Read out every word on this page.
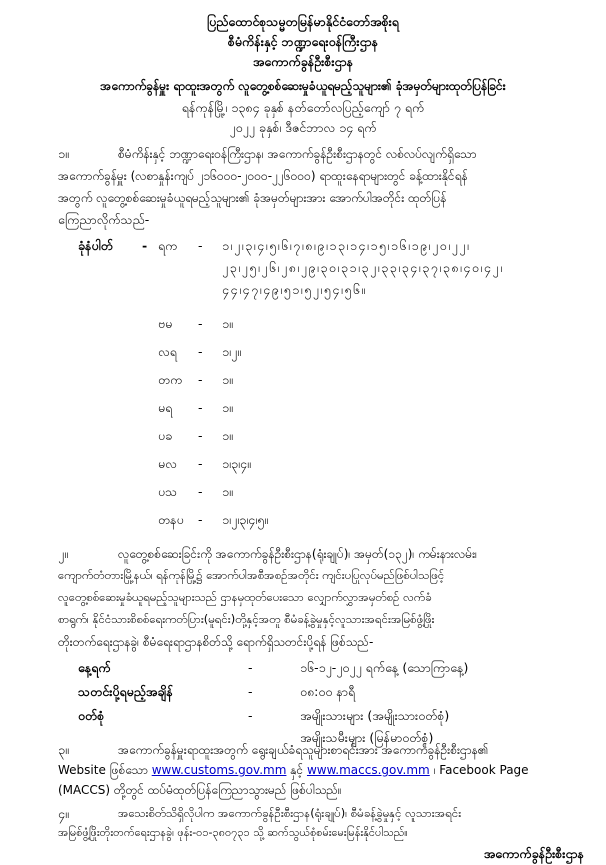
ပြည်ထောင်စုသမ္မတမြန်မာနိုင်ငံတော်အစိုးရ
စီမံကိန်းနှင့် ဘဏ္ဍာရေးဝန်ကြီးဌာန
အကောက်ခွန်ဦးစီးဌာန
အကောက်ခွန်မှူး ရာထူးအတွက် လူတွေ့စစ်ဆေးမှုခံယူရမည့်သူများ၏ ခုံအမှတ်များထုတ်ပြန်ခြင်း
ရန်ကုန်မြို့၊ ၁၃၈၄ ခုနှစ် နတ်တော်လပြည့်ကျော် ၇ ရက်
၂၀၂၂ ခုနှစ်၊ ဒီဇင်ဘာလ ၁၄ ရက်
၁။	စီမံကိန်းနှင့် ဘဏ္ဍာရေးဝန်ကြီးဌာန၊ အကောက်ခွန်ဦးစီးဌာနတွင် လစ်လပ်လျက်ရှိသော
အကောက်ခွန်မှူး (လစာနှုန်းကျပ် ၂၁၆၀၀၀-၂၀၀၀-၂၂၆၀၀၀) ရာထူးနေရာများတွင် ခန့်ထားနိုင်ရန်
အတွက် လူတွေ့စစ်ဆေးမှုခံယူရမည့်သူများ၏ ခုံအမှတ်များအား အောက်ပါအတိုင်း ထုတ်ပြန်
ကြေညာလိုက်သည်-
ခုံနံပါတ် - ရက - ၁၊၂၊၃၊၄၊၅၊၆၊၇၊၈၊၉၊၁၃၊၁၄၊၁၅၊၁၆၊၁၉၊၂၀၊၂၂၊
၂၃၊၂၅၊၂၆၊၂၈၊၂၉၊၃၀၊၃၁၊၃၂၊၃၃၊၃၄၊၃၇၊၃၈၊၄၀၊၄၂၊
၄၄၊၄၇၊၄၉၊၅၁၊၅၂၊၅၄၊၅၆။
ဗမ - ၁။
လရ - ၁၊၂။
တက - ၁။
မရ - ၁။
ပခ - ၁။
မလ - ၁၊၃၊၄။
ပသ - ၁။
တနပ - ၁၊၂၊၃၊၄၊၅။
၂။	လူတွေ့စစ်ဆေးခြင်းကို အကောက်ခွန်ဦးစီးဌာန(ရုံးချုပ်)၊ အမှတ်(၁၃၂)၊ ကမ်းနားလမ်း၊
ကျောက်တံတားမြို့နယ်၊ ရန်ကုန်မြို့၌ အောက်ပါအစီအစဉ်အတိုင်း ကျင်းပပြုလုပ်မည်ဖြစ်ပါသဖြင့်
လူတွေ့စစ်ဆေးမှုခံယူရမည့်သူများသည် ဌာနမှထုတ်ပေးသော လျှောက်လွှာအမှတ်စဉ် လက်ခံ
စာရွက်၊ နိုင်ငံသားစိစစ်ရေးကတ်ပြား(မူရင်း)တို့နှင့်အတူ စီမံခန့်ခွဲမှုနှင့်လူသားအရင်းအမြစ်ဖွံ့ဖြိုး
တိုးတက်ရေးဌာနခွဲ၊ စီမံရေးရာဌာနစိတ်သို့ ရောက်ရှိသတင်းပို့ရန် ဖြစ်သည်-
နေ့ရက်	-	၁၆-၁၂-၂၀၂၂ ရက်နေ့ (သောကြာနေ့)
သတင်းပို့ရမည့်အချိန်	-	၀၈:၀၀ နာရီ
ဝတ်စုံ	-	အမျိုးသားများ (အမျိုးသားဝတ်စုံ)
အမျိုးသမီးများ (မြန်မာဝတ်စုံ)
၃။	အကောက်ခွန်မှူးရာထူးအတွက် ရွေးချယ်ခံရသူများစာရင်းအား အကောက်ခွန်ဦးစီးဌာန၏
Website ဖြစ်သော www.customs.gov.mm နှင့် www.maccs.gov.mm ၊ Facebook Page
(MACCS) တို့တွင် ထပ်မံထုတ်ပြန်ကြေညာသွားမည် ဖြစ်ပါသည်။
၄။	အသေးစိတ်သိရှိလိုပါက အကောက်ခွန်ဦးစီးဌာန(ရုံးချုပ်)၊ စီမံခန့်ခွဲမှုနှင့် လူသားအရင်း
အမြစ်ဖွံ့ဖြိုးတိုးတက်ရေးဌာနခွဲ၊ ဖုန်း-၀၁-၃၈၀၇၃၁ သို့ ဆက်သွယ်စုံစမ်းမေးမြန်းနိုင်ပါသည်။
အကောက်ခွန်ဦးစီးဌာန
